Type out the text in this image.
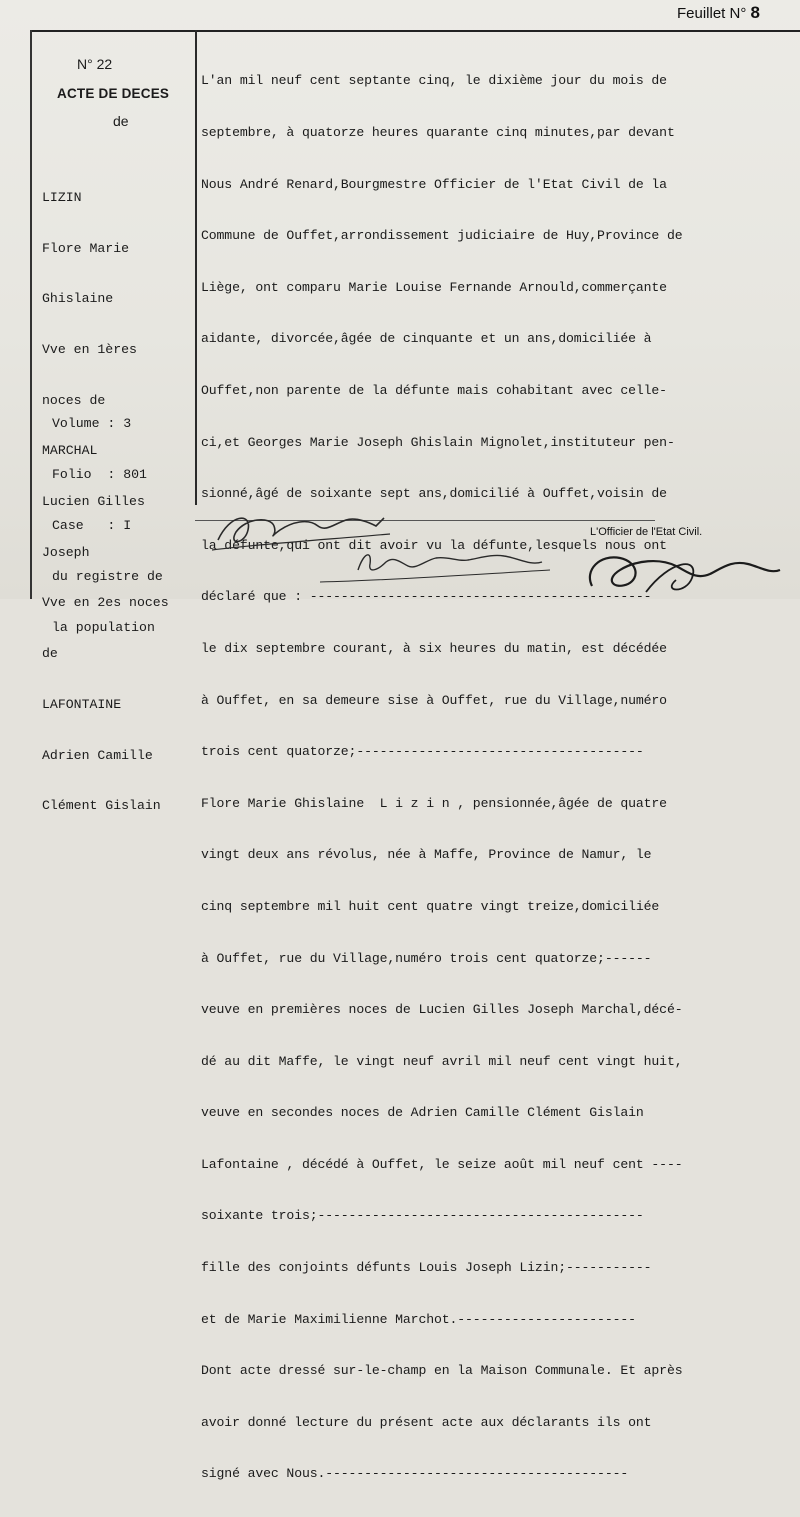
Feuillet N° 8
N° 22
ACTE DE DECES
de

LIZIN

Flore Marie

Ghislaine

Vve en 1ères

noces de

MARCHAL

Lucien Gilles

Joseph

Vve en 2es noces

de

LAFONTAINE

Adrien Camille

Clément Gislain

Volume : 3

Folio  : 801

Case   : I

du registre de

la population

L'an mil neuf cent septante cinq, le dixième jour du mois de

septembre, à quatorze heures quarante cinq minutes,par devant

Nous André Renard,Bourgmestre Officier de l'Etat Civil de la

Commune de Ouffet,arrondissement judiciaire de Huy,Province de

Liège, ont comparu Marie Louise Fernande Arnould,commerçante

aidante, divorcée,âgée de cinquante et un ans,domiciliée à

Ouffet,non parente de la défunte mais cohabitant avec celle-

ci,et Georges Marie Joseph Ghislain Mignolet,instituteur pen-

sionné,âgé de soixante sept ans,domicilié à Ouffet,voisin de

la défunte,qui ont dit avoir vu la défunte,lesquels nous ont

déclaré que : --------------------------------------------

le dix septembre courant, à six heures du matin, est décédée

à Ouffet, en sa demeure sise à Ouffet, rue du Village,numéro

trois cent quatorze;-------------------------------------

Flore Marie Ghislaine  L i z i n , pensionnée,âgée de quatre

vingt deux ans révolus, née à Maffe, Province de Namur, le

cinq septembre mil huit cent quatre vingt treize,domiciliée

à Ouffet, rue du Village,numéro trois cent quatorze;------

veuve en premières noces de Lucien Gilles Joseph Marchal,décé-

dé au dit Maffe, le vingt neuf avril mil neuf cent vingt huit,

veuve en secondes noces de Adrien Camille Clément Gislain

Lafontaine , décédé à Ouffet, le seize août mil neuf cent ----

soixante trois;------------------------------------------

fille des conjoints défunts Louis Joseph Lizin;-----------

et de Marie Maximilienne Marchot.-----------------------

Dont acte dressé sur-le-champ en la Maison Communale. Et après

avoir donné lecture du présent acte aux déclarants ils ont

signé avec Nous.---------------------------------------

L'Officier de l'Etat Civil.
